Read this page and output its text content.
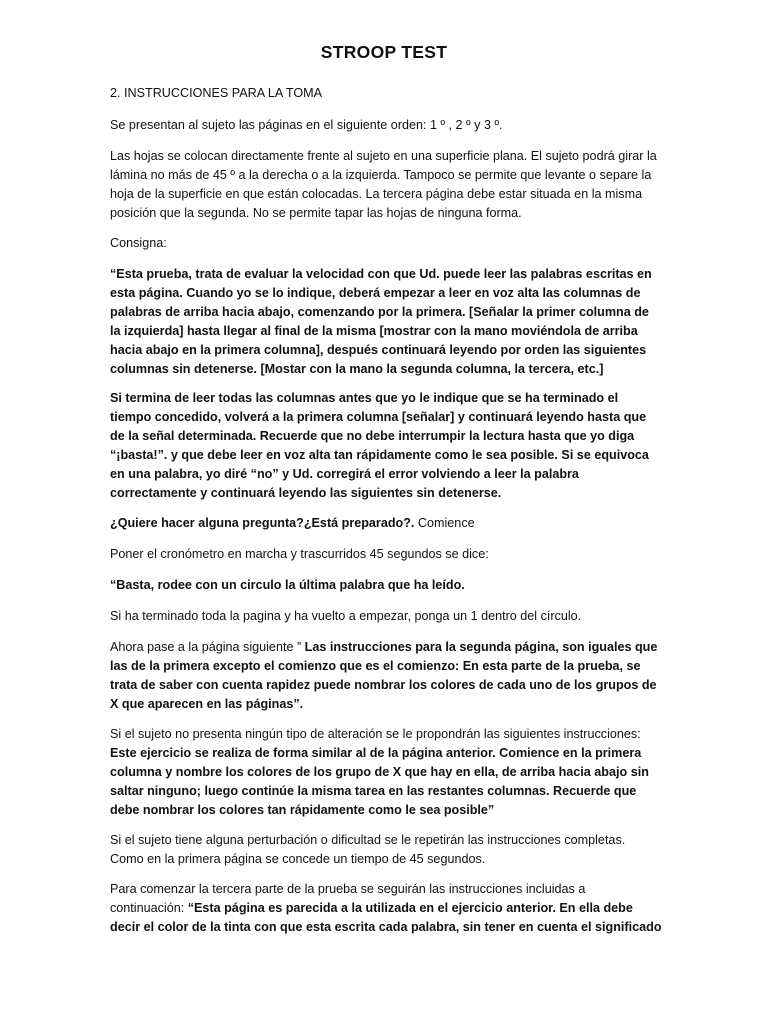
STROOP TEST

2. INSTRUCCIONES PARA LA TOMA

Se presentan al sujeto las páginas en el siguiente orden: 1 º , 2 º y 3 º.

Las hojas se colocan directamente frente al sujeto en una superficie plana. El sujeto podrá girar la lámina no más de 45 º a la derecha o a la izquierda. Tampoco se permite que levante o separe la hoja de la superficie en que están colocadas. La tercera página debe estar situada en la misma posición que la segunda. No se permite tapar las hojas de ninguna forma.

Consigna:

“Esta prueba, trata de evaluar la velocidad con que Ud. puede leer las palabras escritas en esta página. Cuando yo se lo indique, deberá empezar a leer en voz alta las columnas de palabras de arriba hacia abajo, comenzando por la primera. [Señalar la primer columna de la izquierda] hasta llegar al final de la misma [mostrar con la mano moviéndola de arriba hacia abajo en la primera columna], después continuará leyendo por orden las siguientes columnas sin detenerse. [Mostar con la mano la segunda columna, la tercera, etc.]

Si termina de leer todas las columnas antes que yo le indique que se ha terminado el tiempo concedido, volverá a la primera columna [señalar] y continuará leyendo hasta que de la señal determinada. Recuerde que no debe interrumpir la lectura hasta que yo diga “¡basta!”. y que debe leer en voz alta tan rápidamente como le sea posible. Si se equivoca en una palabra, yo diré “no” y Ud. corregirá el error volviendo a leer la palabra correctamente y continuará leyendo las siguientes sin detenerse.

¿Quiere hacer alguna pregunta?¿Está preparado?. Comience

Poner el cronómetro en marcha y trascurridos 45 segundos se dice:

“Basta, rodee con un circulo la última palabra que ha leído.

Si ha terminado toda la pagina y ha vuelto a empezar, ponga un 1 dentro del círculo.

Ahora pase a la página siguiente ” Las instrucciones para la segunda página, son iguales que las de la primera excepto el comienzo que es el comienzo: En esta parte de la prueba, se trata de saber con cuenta rapidez puede nombrar los colores de cada uno de los grupos de X que aparecen en las páginas”.

Si el sujeto no presenta ningún tipo de alteración se le propondrán las siguientes instrucciones: Este ejercicio se realiza de forma similar al de la página anterior. Comience en la primera columna y nombre los colores de los grupo de X que hay en ella, de arriba hacia abajo sin saltar ninguno; luego continúe la misma tarea en las restantes columnas. Recuerde que debe nombrar los colores tan rápidamente como le sea posible”

Si el sujeto tiene alguna perturbación o dificultad se le repetirán las instrucciones completas. Como en la primera página se concede un tiempo de 45 segundos.

Para comenzar la tercera parte de la prueba se seguirán las instrucciones incluidas a continuación: “Esta página es parecida a la utilizada en el ejercicio anterior. En ella debe decir el color de la tinta con que esta escrita cada palabra, sin tener en cuenta el significado
